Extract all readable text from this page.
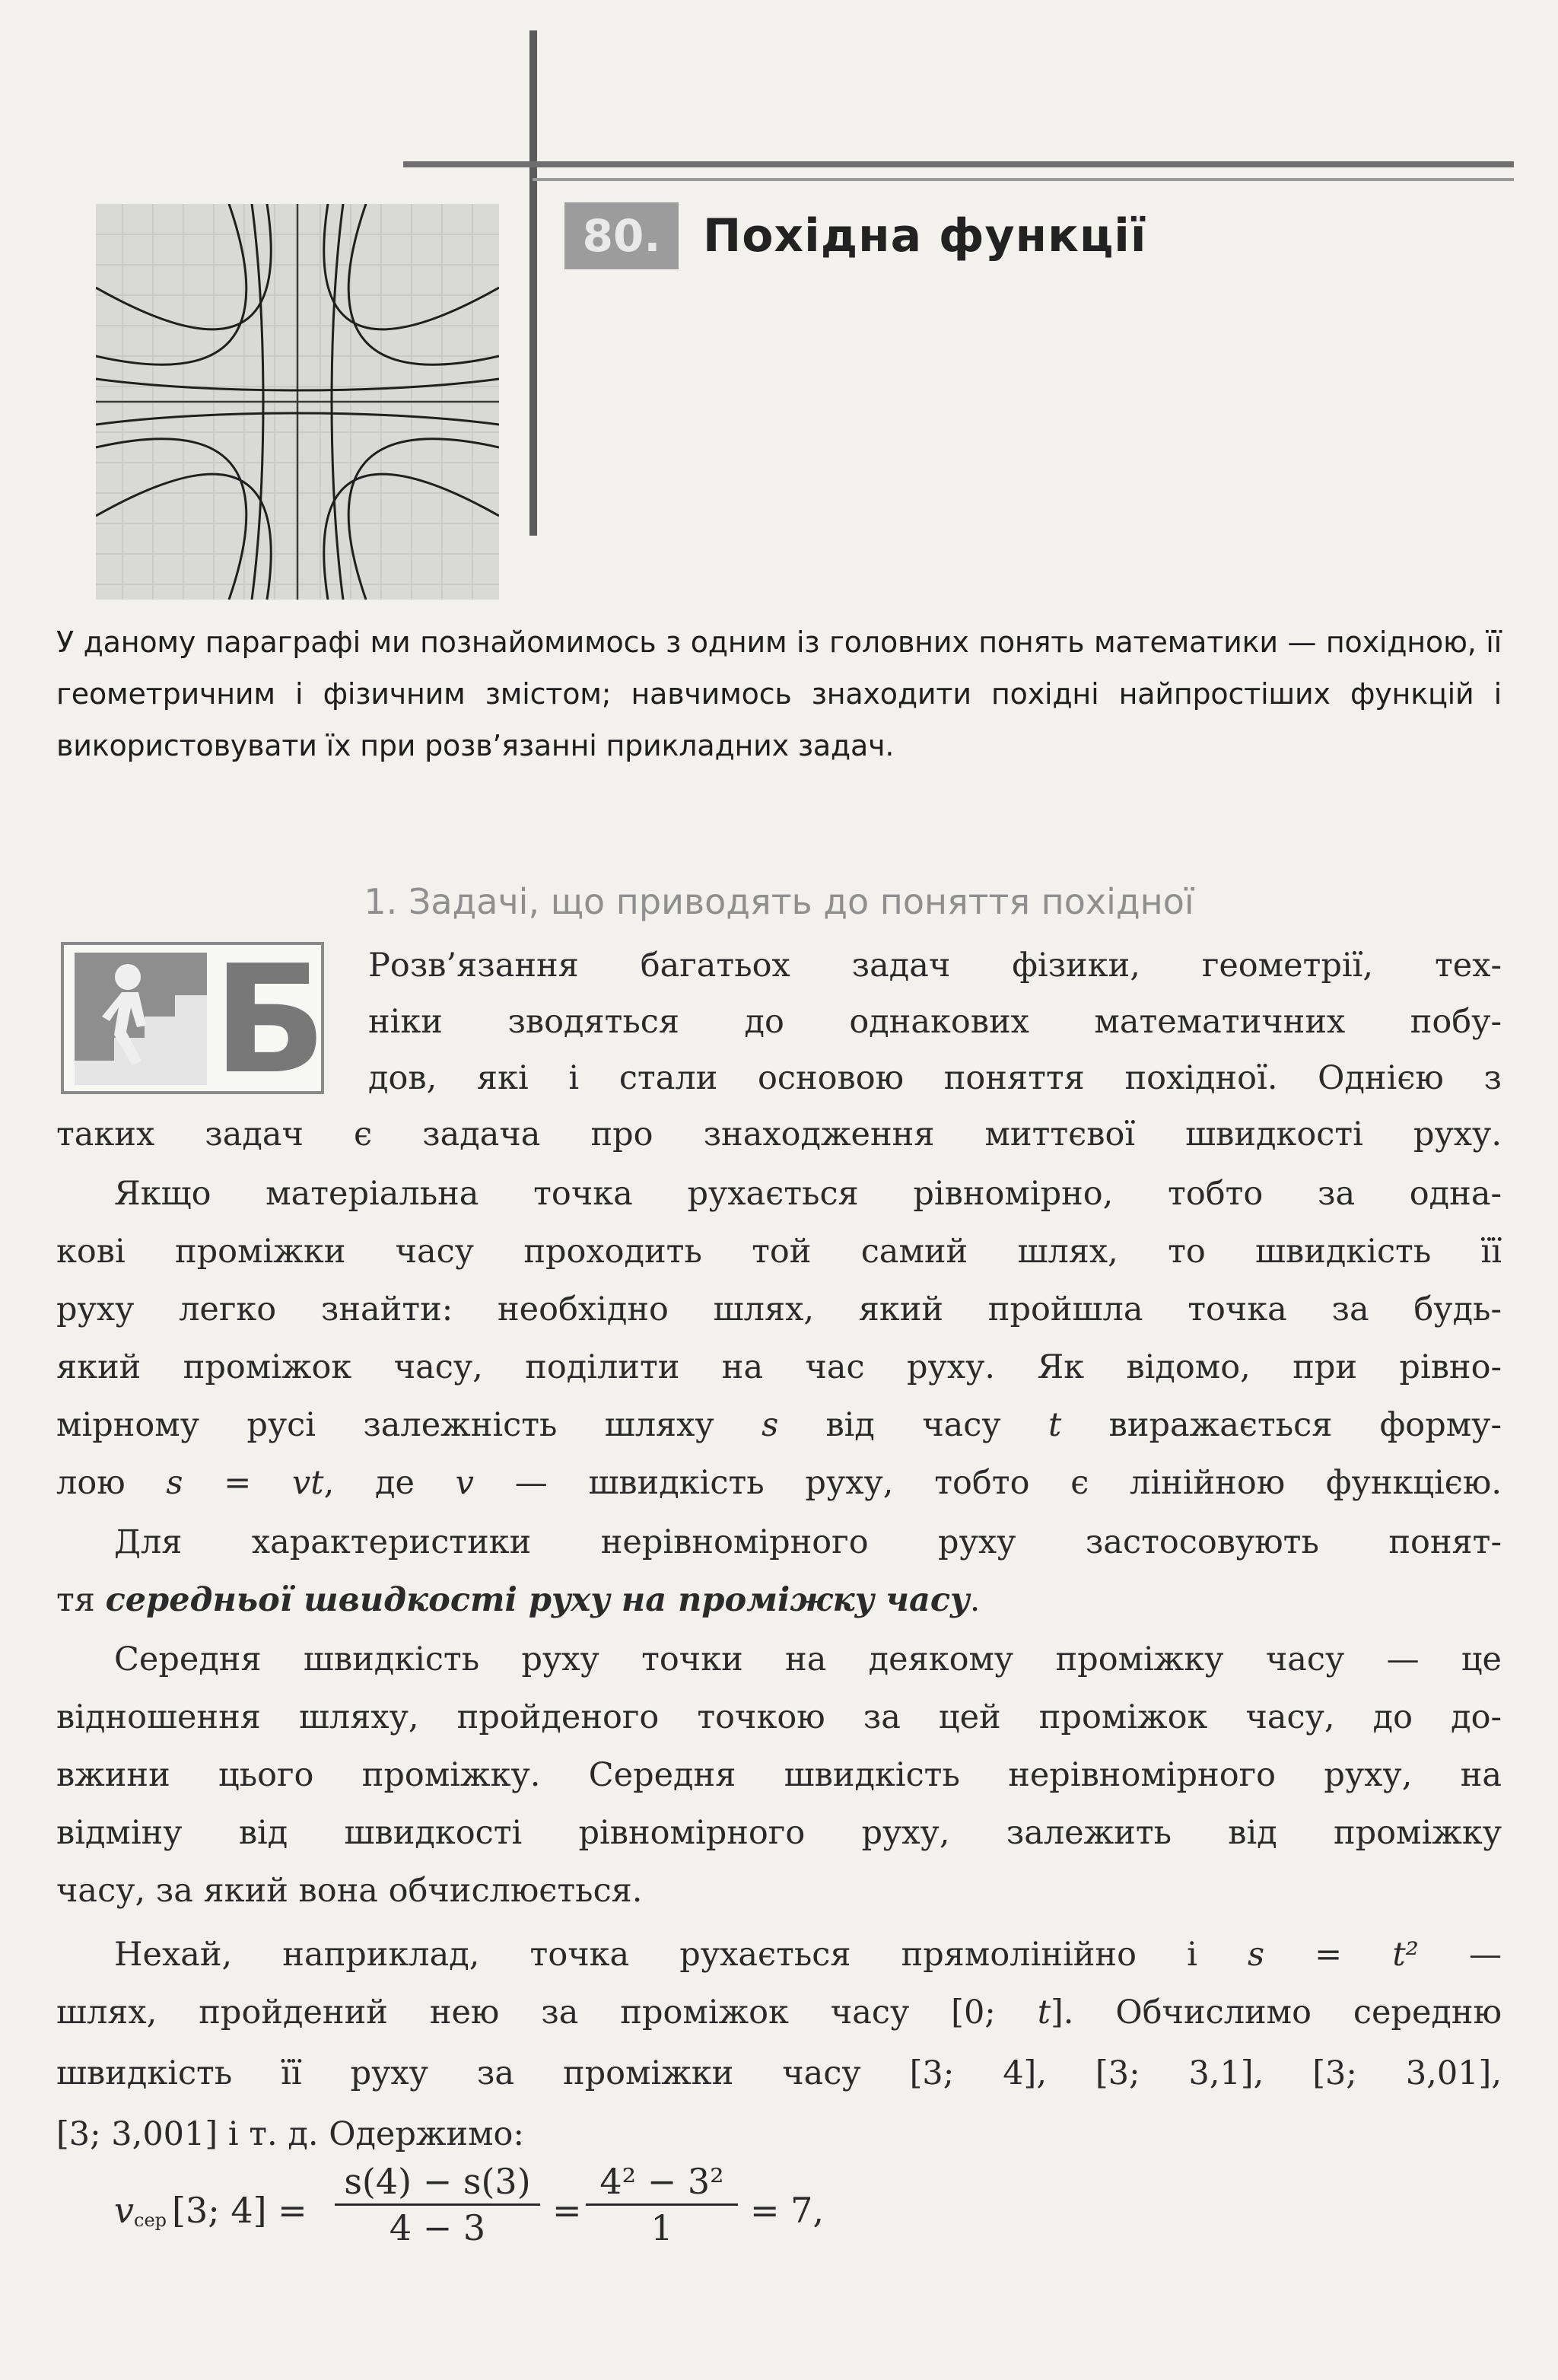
80. Похідна функції
У даному параграфі ми познайомимось з одним із головних понять математики — похідною, її геометричним і фізичним змістом; навчимось знаходити похідні найпростіших функцій і використовувати їх при розв’язанні прикладних задач.
1. Задачі, що приводять до поняття похідної
Б Розв’язання багатьох задач фізики, геометрії, тех-
ніки зводяться до однакових математичних побу-
дов, які і стали основою поняття похідної. Однією з
таких задач є задача про знаходження миттєвої швидкості руху.
Якщо матеріальна точка рухається рівномірно, тобто за одна-
кові проміжки часу проходить той самий шлях, то швидкість її
руху легко знайти: необхідно шлях, який пройшла точка за будь-
який проміжок часу, поділити на час руху. Як відомо, при рівно-
мірному русі залежність шляху s від часу t виражається форму-
лою s = vt, де v — швидкість руху, тобто є лінійною функцією.
Для характеристики нерівномірного руху застосовують понят-
тя середньої швидкості руху на проміжку часу.
Середня швидкість руху точки на деякому проміжку часу — це
відношення шляху, пройденого точкою за цей проміжок часу, до до-
вжини цього проміжку. Середня швидкість нерівномірного руху, на
відміну від швидкості рівномірного руху, залежить від проміжку
часу, за який вона обчислюється.
Нехай, наприклад, точка рухається прямолінійно і s = t² —
шлях, пройдений нею за проміжок часу [0; t]. Обчислимо середню
швидкість її руху за проміжки часу [3; 4], [3; 3,1], [3; 3,01],
[3; 3,001] і т. д. Одержимо:
v сер [3; 4] =
s(4) − s(3)
4 − 3	=
4² − 3²
1	= 7,
